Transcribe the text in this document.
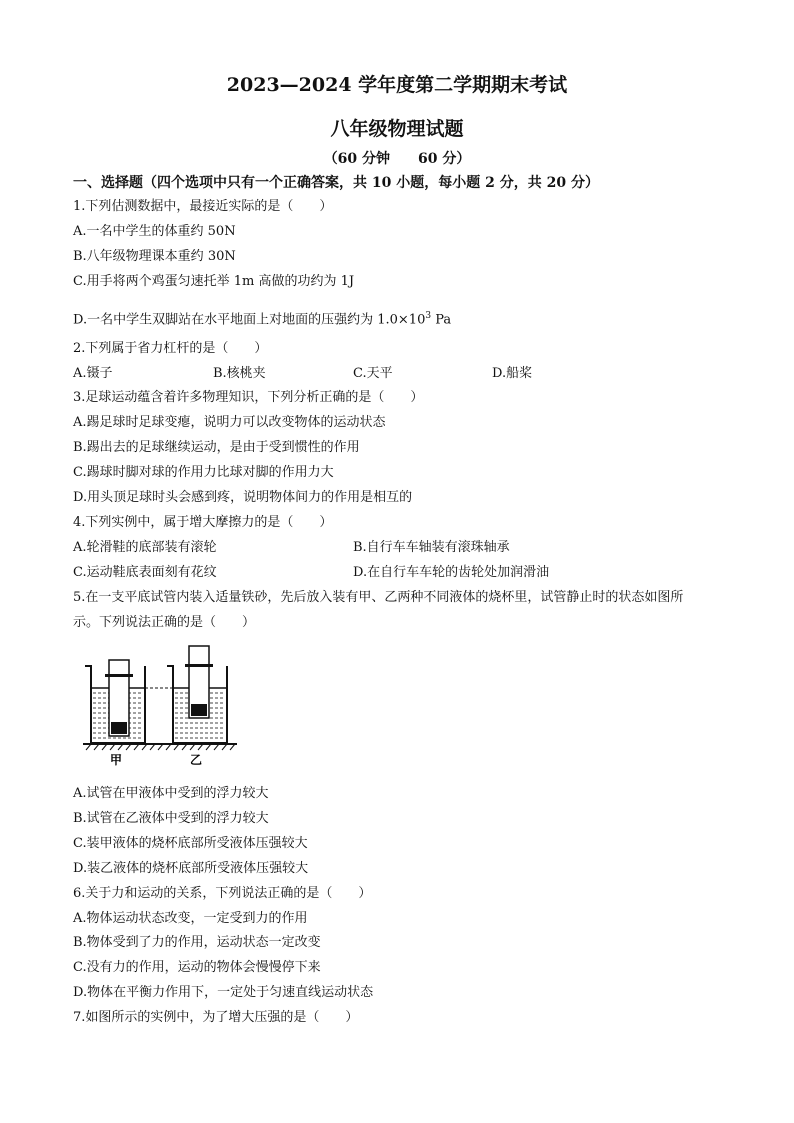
2023—2024 学年度第二学期期末考试
八年级物理试题
（60 分钟　　60 分）
一、选择题（四个选项中只有一个正确答案，共 10 小题，每小题 2 分，共 20 分）
1.下列估测数据中，最接近实际的是（　　）
A.一名中学生的体重约 50N
B.八年级物理课本重约 30N
C.用手将两个鸡蛋匀速托举 1m 高做的功约为 1J
D.一名中学生双脚站在水平地面上对地面的压强约为 $1.0\times 10^3$ Pa
2.下列属于省力杠杆的是（　　）
A.镊子	B.核桃夹	C.天平	D.船桨
3.足球运动蕴含着许多物理知识，下列分析正确的是（　　）
A.踢足球时足球变瘪，说明力可以改变物体的运动状态
B.踢出去的足球继续运动，是由于受到惯性的作用
C.踢球时脚对球的作用力比球对脚的作用力大
D.用头顶足球时头会感到疼，说明物体间力的作用是相互的
4.下列实例中，属于增大摩擦力的是（　　）
A.轮滑鞋的底部装有滚轮	B.自行车车轴装有滚珠轴承
C.运动鞋底表面刻有花纹	D.在自行车车轮的齿轮处加润滑油
5.在一支平底试管内装入适量铁砂，先后放入装有甲、乙两种不同液体的烧杯里，试管静止时的状态如图所
示。下列说法正确的是（　　）
甲	乙
A.试管在甲液体中受到的浮力较大
B.试管在乙液体中受到的浮力较大
C.装甲液体的烧杯底部所受液体压强较大
D.装乙液体的烧杯底部所受液体压强较大
6.关于力和运动的关系，下列说法正确的是（　　）
A.物体运动状态改变，一定受到力的作用
B.物体受到了力的作用，运动状态一定改变
C.没有力的作用，运动的物体会慢慢停下来
D.物体在平衡力作用下，一定处于匀速直线运动状态
7.如图所示的实例中，为了增大压强的是（　　）
